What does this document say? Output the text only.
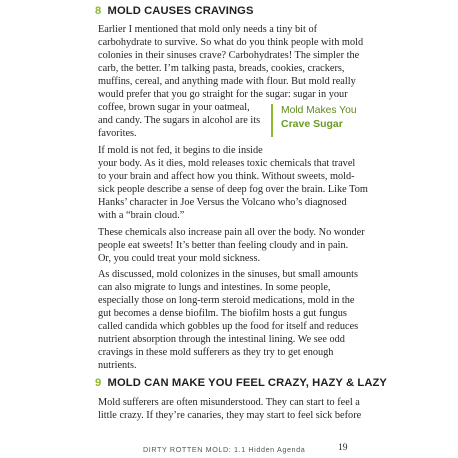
8 MOLD CAUSES CRAVINGS

Earlier I mentioned that mold only needs a tiny bit of

carbohydrate to survive. So what do you think people with mold

colonies in their sinuses crave? Carbohydrates! The simpler the

carb, the better. I’m talking pasta, breads, cookies, crackers,

muffins, cereal, and anything made with flour. But mold really

would prefer that you go straight for the sugar: sugar in your

coffee, brown sugar in your oatmeal,

and candy. The sugars in alcohol are its

favorites.

Mold Makes You
Crave Sugar

If mold is not fed, it begins to die inside

your body. As it dies, mold releases toxic chemicals that travel

to your brain and affect how you think. Without sweets, mold-

sick people describe a sense of deep fog over the brain. Like Tom

Hanks’ character in Joe Versus the Volcano who’s diagnosed

with a “brain cloud.”

These chemicals also increase pain all over the body. No wonder

people eat sweets! It’s better than feeling cloudy and in pain.

Or, you could treat your mold sickness.

As discussed, mold colonizes in the sinuses, but small amounts

can also migrate to lungs and intestines. In some people,

especially those on long-term steroid medications, mold in the

gut becomes a dense biofilm. The biofilm hosts a gut fungus

called candida which gobbles up the food for itself and reduces

nutrient absorption through the intestinal lining. We see odd

cravings in these mold sufferers as they try to get enough

nutrients.

9 MOLD CAN MAKE YOU FEEL CRAZY, HAZY & LAZY

Mold sufferers are often misunderstood. They can start to feel a

little crazy. If they’re canaries, they may start to feel sick before

DIRTY ROTTEN MOLD: 1.1 Hidden Agenda	19
